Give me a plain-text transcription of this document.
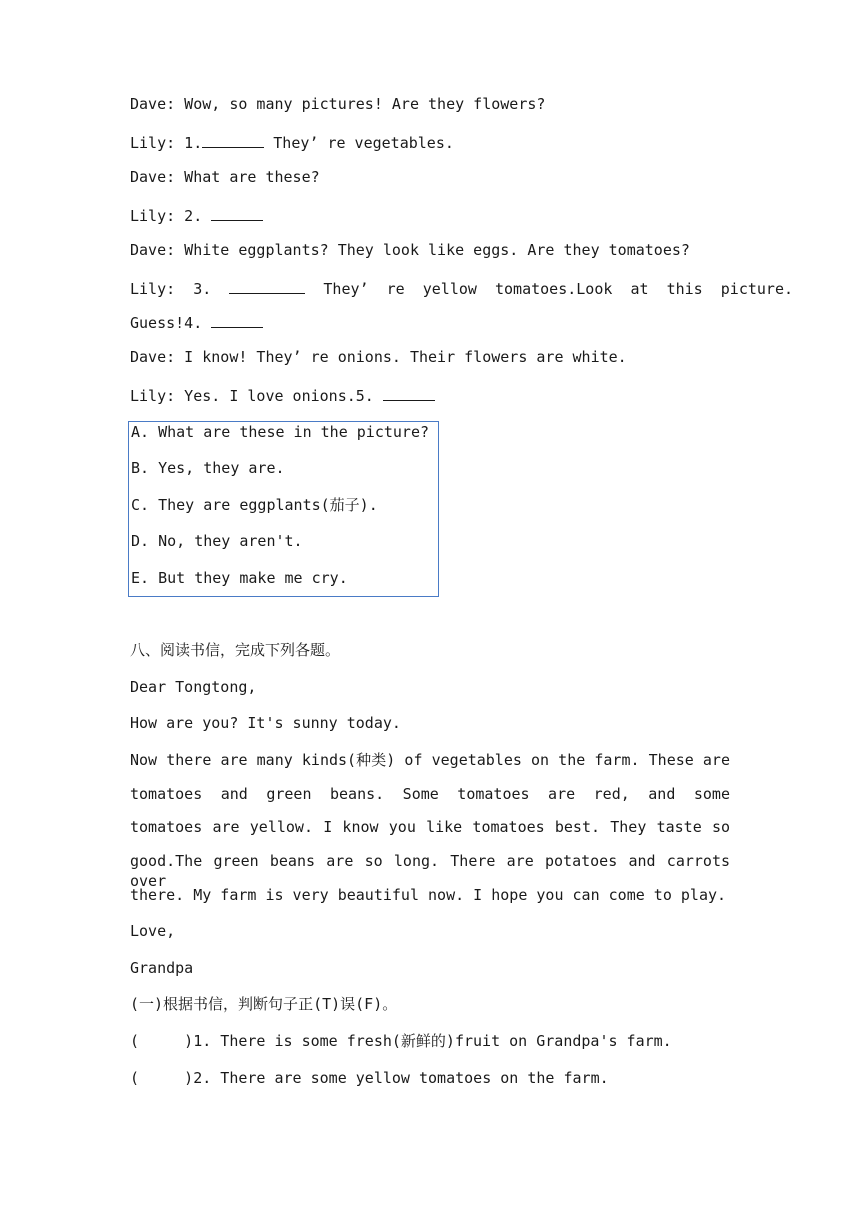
Dave: Wow, so many pictures! Are they flowers?
Lily: 1.	They’ re vegetables.
Dave: What are these?
Lily: 2.
Dave: White eggplants? They look like eggs. Are they tomatoes?
Lily:  3.	They’  re  yellow  tomatoes.Look  at  this  picture.
Guess!4.
Dave: I know! They’ re onions. Their flowers are white.
Lily: Yes. I love onions.5.
A. What are these in the picture?
B. Yes, they are.
C. They are eggplants(茄子).
D. No, they aren't.
E. But they make me cry.
八、阅读书信，完成下列各题。
Dear Tongtong,
How are you? It's sunny today.
Now there are many kinds(种类) of vegetables on the farm. These are
tomatoes and green beans. Some tomatoes are red, and some
tomatoes are yellow. I know you like tomatoes best. They taste so
good.The green beans are so long. There are potatoes and carrots over
there. My farm is very beautiful now. I hope you can come to play.
Love,
Grandpa
(一)根据书信，判断句子正(T)误(F)。
(     )1. There is some fresh(新鲜的)fruit on Grandpa's farm.
(     )2. There are some yellow tomatoes on the farm.
